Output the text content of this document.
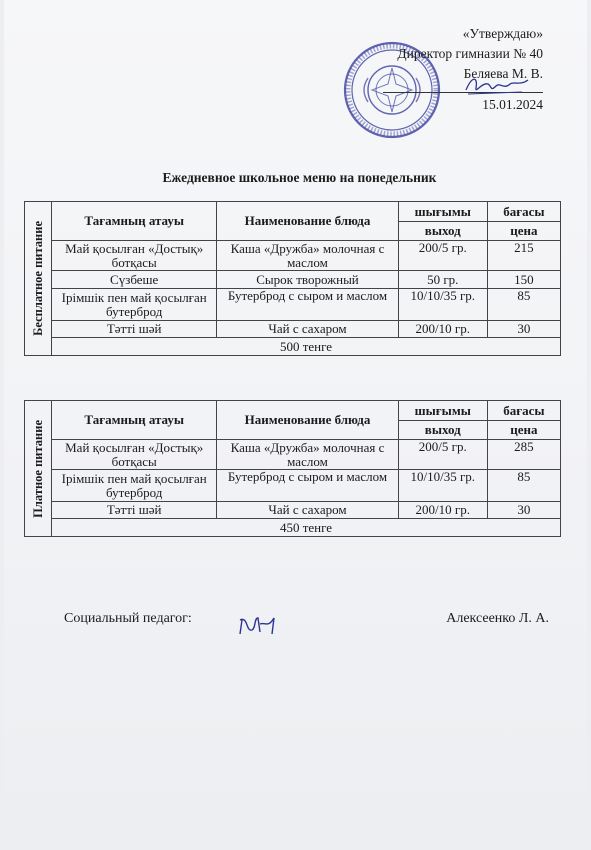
«Утверждаю»
Директор гимназии № 40
Беляева М. В.
15.01.2024
Ежедневное школьное меню на понедельник
Бесплатное питание	Тағамның атауы	Наименование блюда	шығымы	бағасы
			выход	цена
	Май қосылған «Достық» ботқасы	Каша «Дружба» молочная с маслом	200/5 гр.	215
	Сүзбеше	Сырок творожный	50 гр.	150
	Ірімшік пен май қосылған бутерброд	Бутерброд с сыром и маслом	10/10/35 гр.	85
	Тәтті шәй	Чай с сахаром	200/10 гр.	30
	500 тенге			
Платное питание	Тағамның атауы	Наименование блюда	шығымы	бағасы
			выход	цена
	Май қосылған «Достық» ботқасы	Каша «Дружба» молочная с маслом	200/5 гр.	285
	Ірімшік пен май қосылған бутерброд	Бутерброд с сыром и маслом	10/10/35 гр.	85
	Тәтті шәй	Чай с сахаром	200/10 гр.	30
	450 тенге			
Социальный педагог:	Алексеенко Л. А.
